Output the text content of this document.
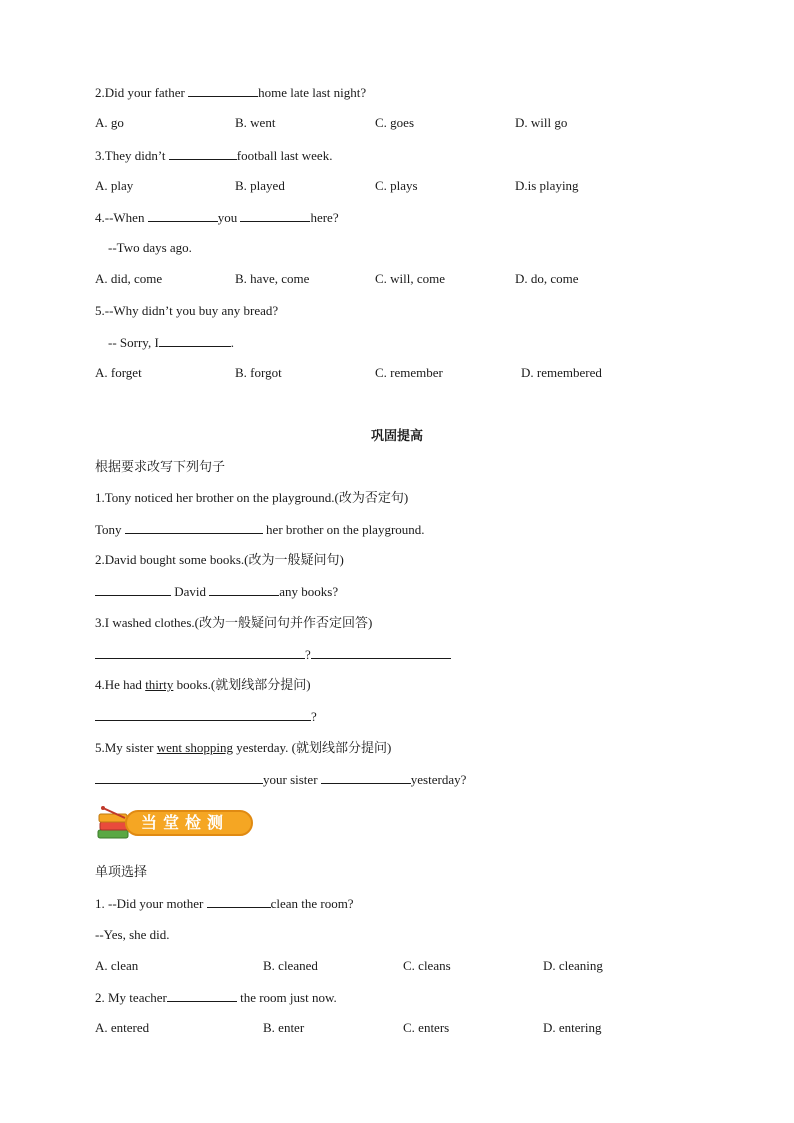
2.Did your father	home late last night?
A. go	B. went	C. goes	D. will go
3.They didn’t	football last week.
A. play	B. played	C. plays	D.is playing
4.--When	you	here?
--Two days ago.
A. did, come	B. have, come	C. will, come	D. do, come
5.--Why didn’t you buy any bread?
-- Sorry, I	.
A. forget	B. forgot	C. remember	D. remembered
巩固提高
根据要求改写下列句子
1.Tony noticed her brother on the playground.(改为否定句)
Tony	her brother on the playground.
2.David bought some books.(改为一般疑问句)
David	any books?
3.I washed clothes.(改为一般疑问句并作否定回答)
?
4.He had thirty books.(就划线部分提问)
?
5.My sister went shopping yesterday. (就划线部分提问)
your sister	yesterday?
当堂检测
单项选择
1. --Did your mother	clean the room?
--Yes, she did.
A. clean	B. cleaned	C. cleans	D. cleaning
2. My teacher	the room just now.
A. entered	B. enter	C. enters	D. entering
